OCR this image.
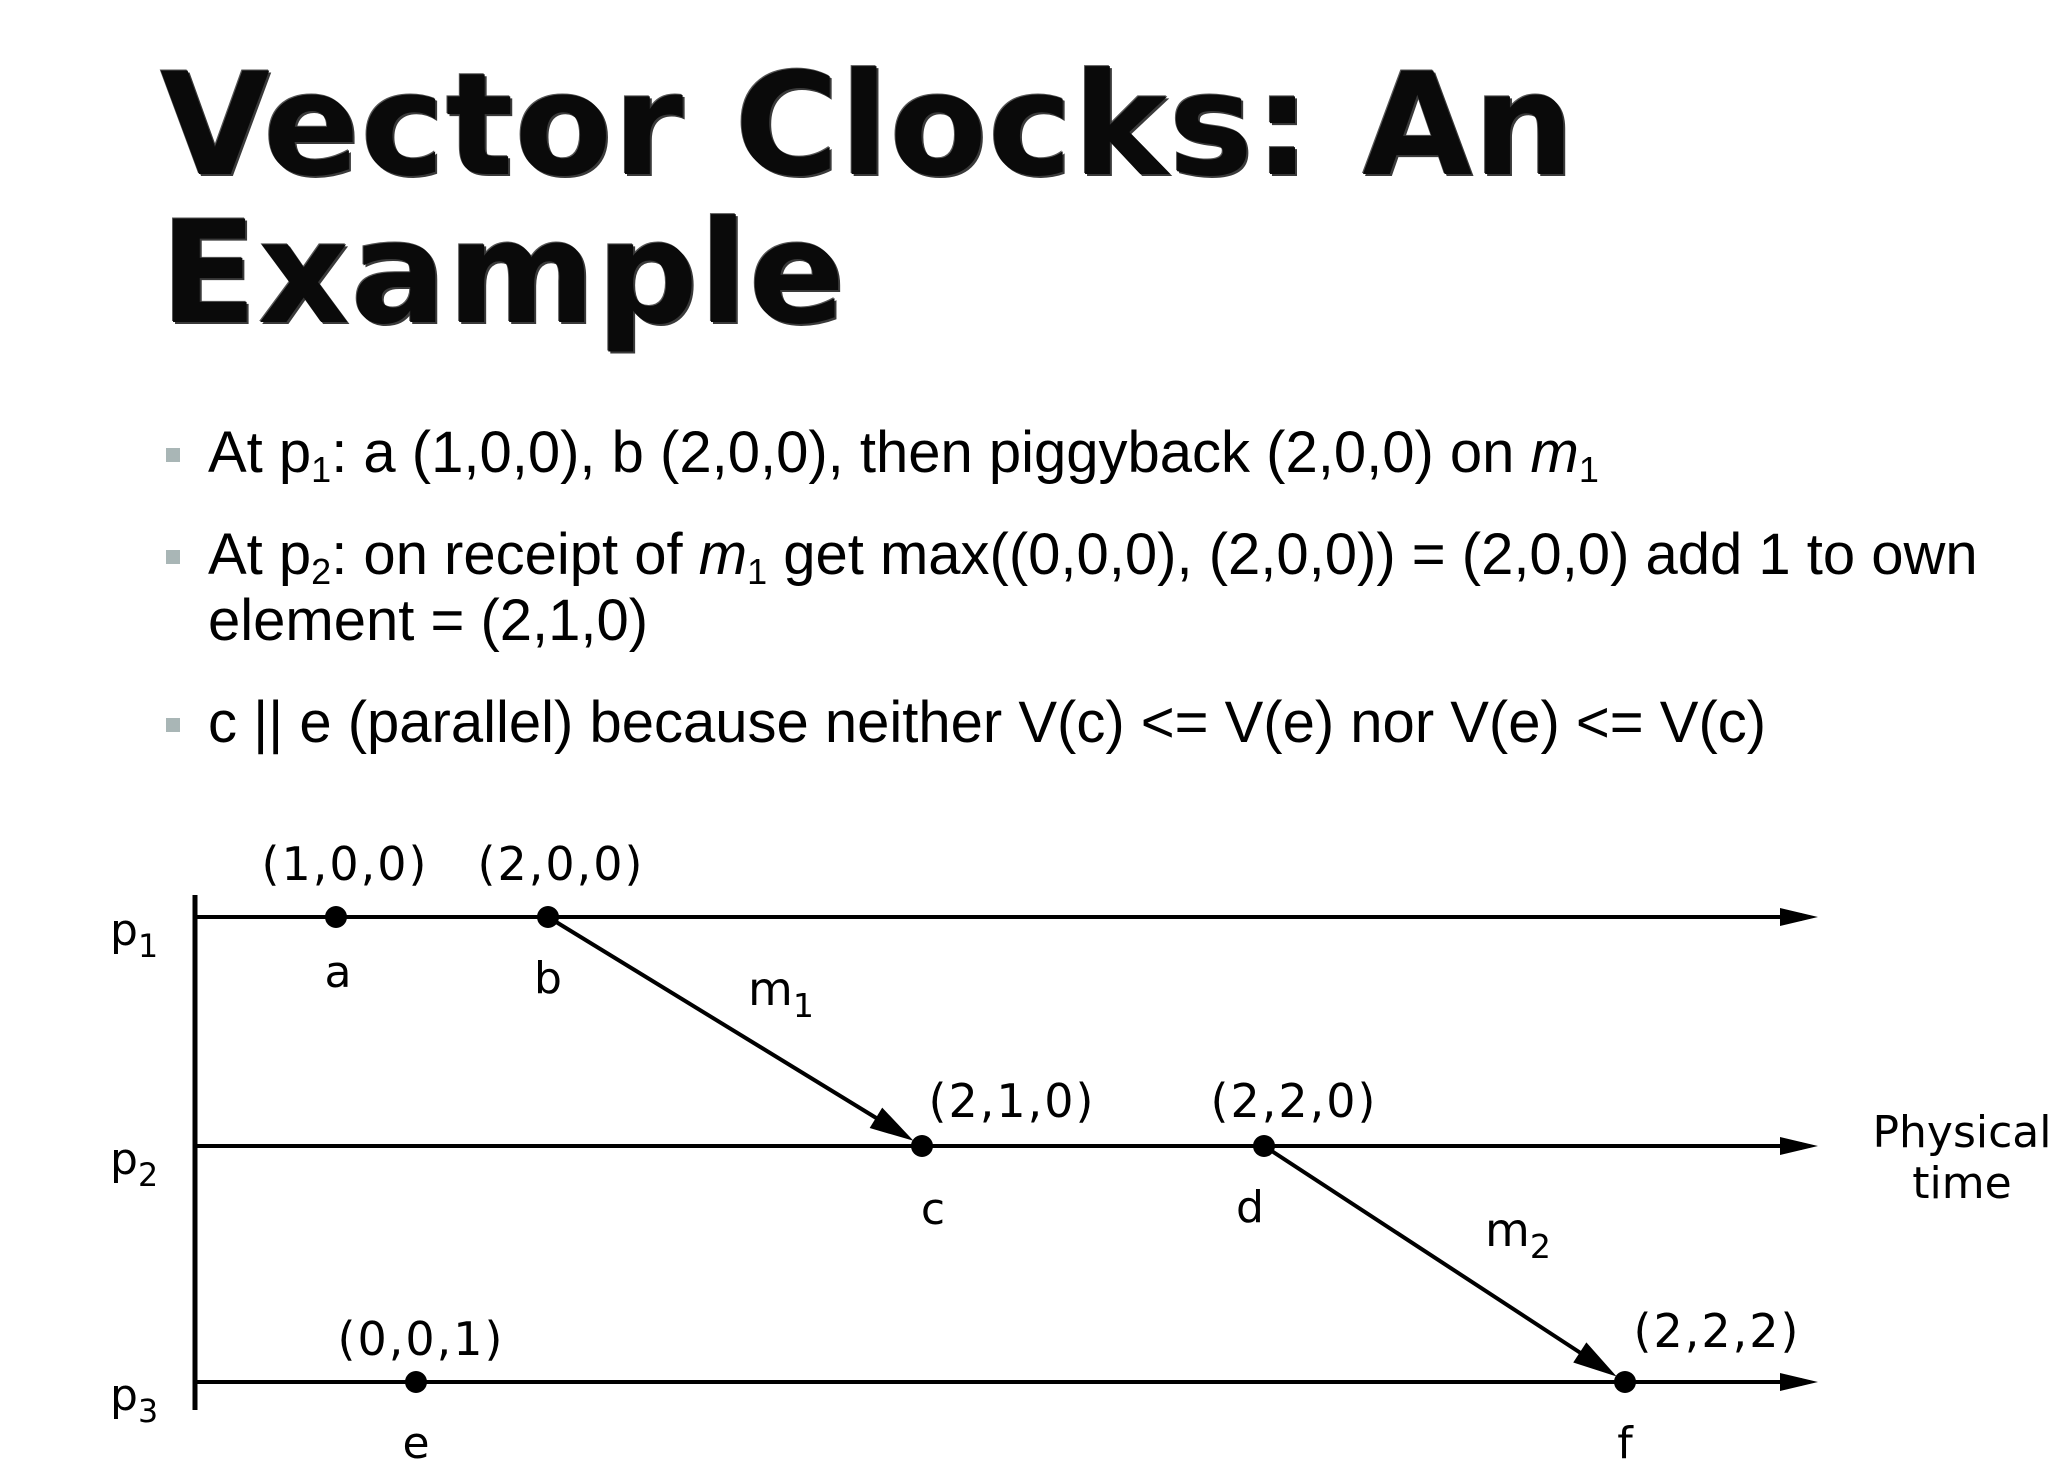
Vector Clocks: An Example
At $p_1$: a (1,0,0), b (2,0,0), then piggyback (2,0,0) on $m_1$
At $p_2$: on receipt of $m_1$ get max((0,0,0), (2,0,0)) = (2,0,0) add 1 to own element = (2,1,0)
c || e (parallel) because neither V(c) <= V(e) nor V(e) <= V(c)
$p_1$
$p_2$
$p_3$
Physical
time
$m_1$
$m_2$
a
(1,0,0)
b
(2,0,0)
c
(2,1,0)
d
(2,2,0)
e
(0,0,1)
f
(2,2,2)
